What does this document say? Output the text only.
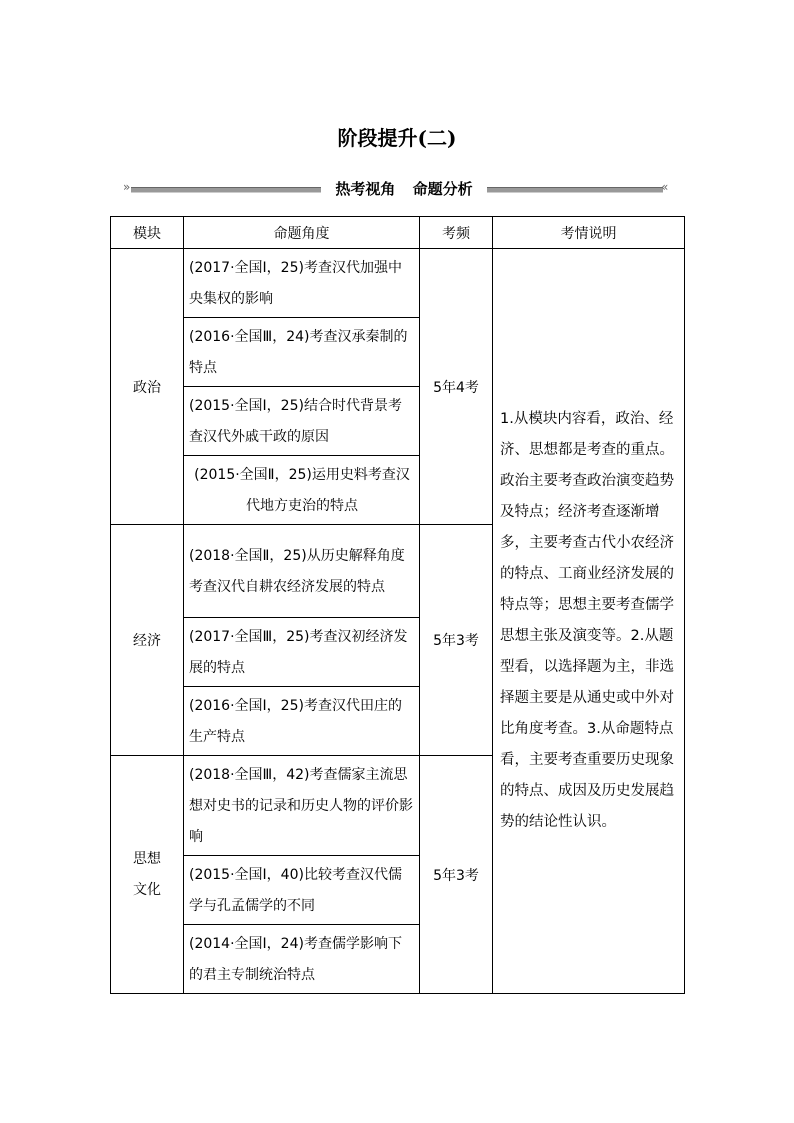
阶段提升(二)
»	热考视角 命题分析	«
模块	命题角度	考频	考情说明
政治	(2017·全国Ⅰ，25)考查汉代加强中央集权的影响	5年4考	1.从模块内容看，政治、经济、思想都是考查的重点。政治主要考查政治演变趋势及特点；经济考查逐渐增多，主要考查古代小农经济的特点、工商业经济发展的特点等；思想主要考查儒学思想主张及演变等。2.从题型看，以选择题为主，非选择题主要是从通史或中外对比角度考查。3.从命题特点看，主要考查重要历史现象的特点、成因及历史发展趋势的结论性认识。
	(2016·全国Ⅲ，24)考查汉承秦制的特点		
	(2015·全国Ⅰ，25)结合时代背景考查汉代外戚干政的原因		
	(2015·全国Ⅱ，25)运用史料考查汉代地方吏治的特点		
经济	(2018·全国Ⅱ，25)从历史解释角度考查汉代自耕农经济发展的特点	5年3考	
	(2017·全国Ⅲ，25)考查汉初经济发展的特点		
	(2016·全国Ⅰ，25)考查汉代田庄的生产特点		
思想文化	(2018·全国Ⅲ，42)考查儒家主流思想对史书的记录和历史人物的评价影响	5年3考	
	(2015·全国Ⅰ，40)比较考查汉代儒学与孔孟儒学的不同		
	(2014·全国Ⅰ，24)考查儒学影响下的君主专制统治特点		
